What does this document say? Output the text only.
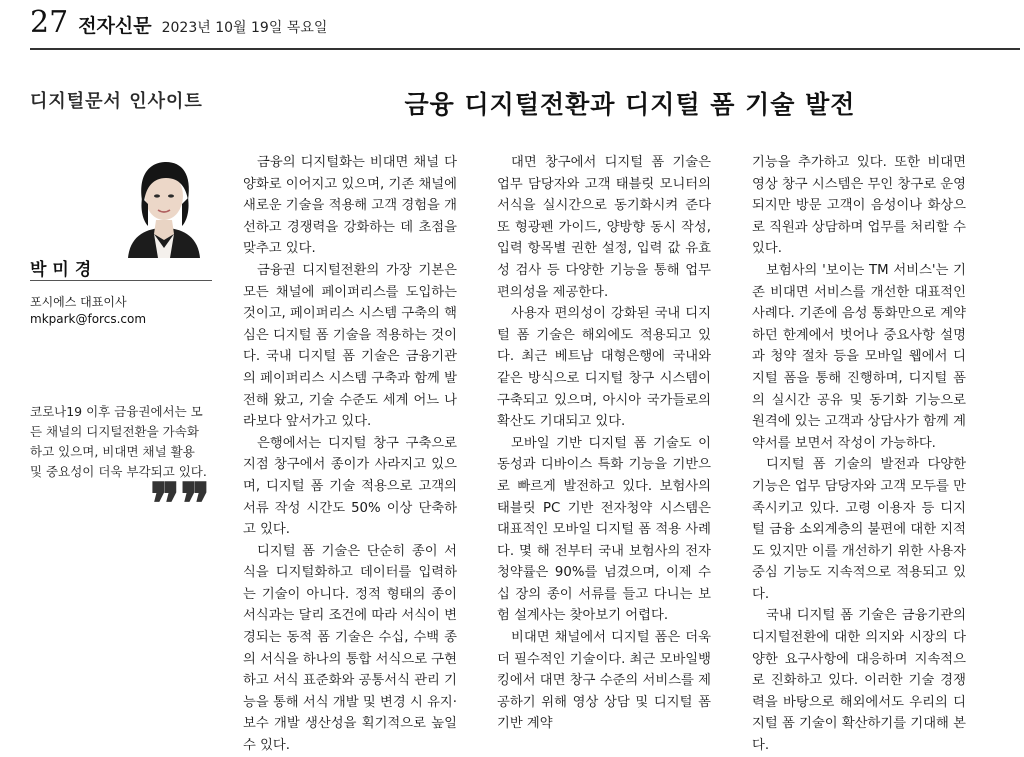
27 전자신문 2023년 10월 19일 목요일
디지털문서 인사이트	금융 디지털전환과 디지털 폼 기술 발전
박미경
포시에스 대표이사
mkpark@forcs.com
코로나19 이후 금융권에서는 모든 채널의 디지털전환을 가속화하고 있으며, 비대면 채널 활용 및 중요성이 더욱 부각되고 있다.
❞❞

금융의 디지털화는 비대면 채널 다양화로 이어지고 있으며, 기존 채널에 새로운 기술을 적용해 고객 경험을 개선하고 경쟁력을 강화하는 데 초점을 맞추고 있다.

금융권 디지털전환의 가장 기본은 모든 채널에 페이퍼리스를 도입하는 것이고, 페이퍼리스 시스템 구축의 핵심은 디지털 폼 기술을 적용하는 것이다. 국내 디지털 폼 기술은 금융기관의 페이퍼리스 시스템 구축과 함께 발전해 왔고, 기술 수준도 세계 어느 나라보다 앞서가고 있다.

은행에서는 디지털 창구 구축으로 지점 창구에서 종이가 사라지고 있으며, 디지털 폼 기술 적용으로 고객의 서류 작성 시간도 50% 이상 단축하고 있다.

디지털 폼 기술은 단순히 종이 서식을 디지털화하고 데이터를 입력하는 기술이 아니다. 정적 형태의 종이 서식과는 달리 조건에 따라 서식이 변경되는 동적 폼 기술은 수십, 수백 종의 서식을 하나의 통합 서식으로 구현하고 서식 표준화와 공통서식 관리 기능을 통해 서식 개발 및 변경 시 유지·보수 개발 생산성을 획기적으로 높일 수 있다.

대면 창구에서 디지털 폼 기술은 업무 담당자와 고객 태블릿 모니터의 서식을 실시간으로 동기화시켜 준다 또 형광펜 가이드, 양방향 동시 작성, 입력 항목별 권한 설정, 입력 값 유효성 검사 등 다양한 기능을 통해 업무 편의성을 제공한다.

사용자 편의성이 강화된 국내 디지털 폼 기술은 해외에도 적용되고 있다. 최근 베트남 대형은행에 국내와 같은 방식으로 디지털 창구 시스템이 구축되고 있으며, 아시아 국가들로의 확산도 기대되고 있다.

모바일 기반 디지털 폼 기술도 이동성과 디바이스 특화 기능을 기반으로 빠르게 발전하고 있다. 보험사의 태블릿 PC 기반 전자청약 시스템은 대표적인 모바일 디지털 폼 적용 사례다. 몇 해 전부터 국내 보험사의 전자청약률은 90%를 넘겼으며, 이제 수십 장의 종이 서류를 들고 다니는 보험 설계사는 찾아보기 어렵다.

비대면 채널에서 디지털 폼은 더욱더 필수적인 기술이다. 최근 모바일뱅킹에서 대면 창구 수준의 서비스를 제공하기 위해 영상 상담 및 디지털 폼 기반 계약

기능을 추가하고 있다. 또한 비대면 영상 창구 시스템은 무인 창구로 운영되지만 방문 고객이 음성이나 화상으로 직원과 상담하며 업무를 처리할 수 있다.

보험사의 '보이는 TM 서비스'는 기존 비대면 서비스를 개선한 대표적인 사례다. 기존에 음성 통화만으로 계약하던 한계에서 벗어나 중요사항 설명과 청약 절차 등을 모바일 웹에서 디지털 폼을 통해 진행하며, 디지털 폼의 실시간 공유 및 동기화 기능으로 원격에 있는 고객과 상담사가 함께 계약서를 보면서 작성이 가능하다.

디지털 폼 기술의 발전과 다양한 기능은 업무 담당자와 고객 모두를 만족시키고 있다. 고령 이용자 등 디지털 금융 소외계층의 불편에 대한 지적도 있지만 이를 개선하기 위한 사용자 중심 기능도 지속적으로 적용되고 있다.

국내 디지털 폼 기술은 금융기관의 디지털전환에 대한 의지와 시장의 다양한 요구사항에 대응하며 지속적으로 진화하고 있다. 이러한 기술 경쟁력을 바탕으로 해외에서도 우리의 디지털 폼 기술이 확산하기를 기대해 본다.
